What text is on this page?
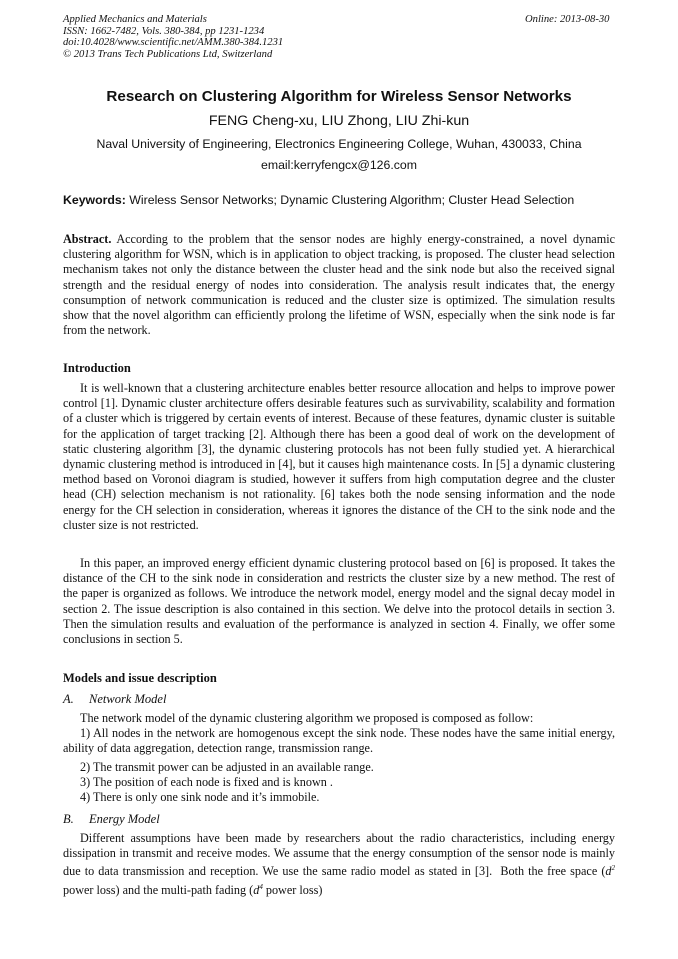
Applied Mechanics and Materials
ISSN: 1662-7482, Vols. 380-384, pp 1231-1234
doi:10.4028/www.scientific.net/AMM.380-384.1231
© 2013 Trans Tech Publications Ltd, Switzerland
Online: 2013-08-30
Research on Clustering Algorithm for Wireless Sensor Networks
FENG Cheng-xu, LIU Zhong, LIU Zhi-kun
Naval University of Engineering, Electronics Engineering College, Wuhan, 430033, China
email:kerryfengcx@126.com
Keywords: Wireless Sensor Networks; Dynamic Clustering Algorithm; Cluster Head Selection
Abstract. According to the problem that the sensor nodes are highly energy-constrained, a novel dynamic clustering algorithm for WSN, which is in application to object tracking, is proposed. The cluster head selection mechanism takes not only the distance between the cluster head and the sink node but also the received signal strength and the residual energy of nodes into consideration. The analysis result indicates that, the energy consumption of network communication is reduced and the cluster size is optimized. The simulation results show that the novel algorithm can efficiently prolong the lifetime of WSN, especially when the sink node is far from the network.
Introduction
It is well-known that a clustering architecture enables better resource allocation and helps to improve power control [1]. Dynamic cluster architecture offers desirable features such as survivability, scalability and formation of a cluster which is triggered by certain events of interest. Because of these features, dynamic cluster is suitable for the application of target tracking [2]. Although there has been a good deal of work on the development of static clustering algorithm [3], the dynamic clustering protocols has not been fully studied yet. A hierarchical dynamic clustering method is introduced in [4], but it causes high maintenance costs. In [5] a dynamic clustering method based on Voronoi diagram is studied, however it suffers from high computation degree and the cluster head (CH) selection mechanism is not rationality. [6] takes both the node sensing information and the node energy for the CH selection in consideration, whereas it ignores the distance of the CH to the sink node and the cluster size is not restricted.
In this paper, an improved energy efficient dynamic clustering protocol based on [6] is proposed. It takes the distance of the CH to the sink node in consideration and restricts the cluster size by a new method. The rest of the paper is organized as follows. We introduce the network model, energy model and the signal decay model in section 2. The issue description is also contained in this section. We delve into the protocol details in section 3. Then the simulation results and evaluation of the performance is analyzed in section 4. Finally, we offer some conclusions in section 5.
Models and issue description
A. Network Model
The network model of the dynamic clustering algorithm we proposed is composed as follow:
1) All nodes in the network are homogenous except the sink node. These nodes have the same initial energy, ability of data aggregation, detection range, transmission range.
2) The transmit power can be adjusted in an available range.
3) The position of each node is fixed and is known .
4) There is only one sink node and it’s immobile.
B. Energy Model
Different assumptions have been made by researchers about the radio characteristics, including energy dissipation in transmit and receive modes. We assume that the energy consumption of the sensor node is mainly due to data transmission and reception. We use the same radio model as stated in [3]. Both the free space ($d^2$ power loss) and the multi-path fading ($d^4$ power loss)
